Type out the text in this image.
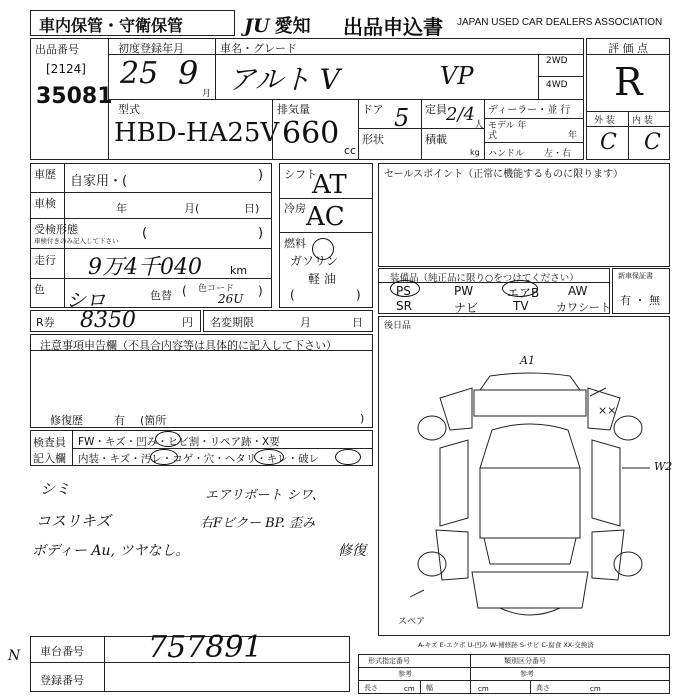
車内保管・守衛保管	JU 愛知 出品申込書 JAPAN USED CAR DEALERS ASSOCIATION
出品番号
[2124]
35081
初度登録年月
25 9
月
車名・グレード
アルト V	VP
2WD
4WD
評 価 点
R
外 装 内 装
C C
型式
HBD-HA25V
排気量
660 cc
ドア 5
形状
定員 2/4
人
積載
kg
ディーラー・並 行
モデル 年式	年
ハンドル 左・右
車歴 自家用・(	)
車検	年	月(	日)
受検形態
車検付きのみ記入して下さい (	)
走行 9万4千040	km
色 シロ	色替 ( 色コード
26U
)
シフト
AT
冷房 AC
燃料
ガソリン
軽 油
(	)
セールスポイント（正常に機能するものに限ります）
装備品（純正品に限り○をつけてください）
PS	PW	エアB AW
SR	ナビ	TV カワシート
新車保証書
有 ・ 無
R券 8350	円 名変期限	月	日 後日品
注意事項申告欄（不具合内容等は具体的に記入して下さい）
修復歴	有 (箇所	)
検査員
記入欄
FW・キズ・凹み・ヒビ割・リペア跡・X要
内装・キズ・汚レ・コゲ・穴・ヘタリ・キレ・破レ
シミ
コスリキズ
ボディー Au, ツヤなし。
エアリボート シワ、
右Fビクー BP. 歪み
修復
A1
××
W2
スペア
N 車台番号 757891
登録番号
A-キズ E-エクボ U-凹み W-補修跡 S-サビ C-腐食 XX-交換済
形式指定番号	類別区分番号
参考	参考
長さ	cm 幅	cm	高さ	cm
